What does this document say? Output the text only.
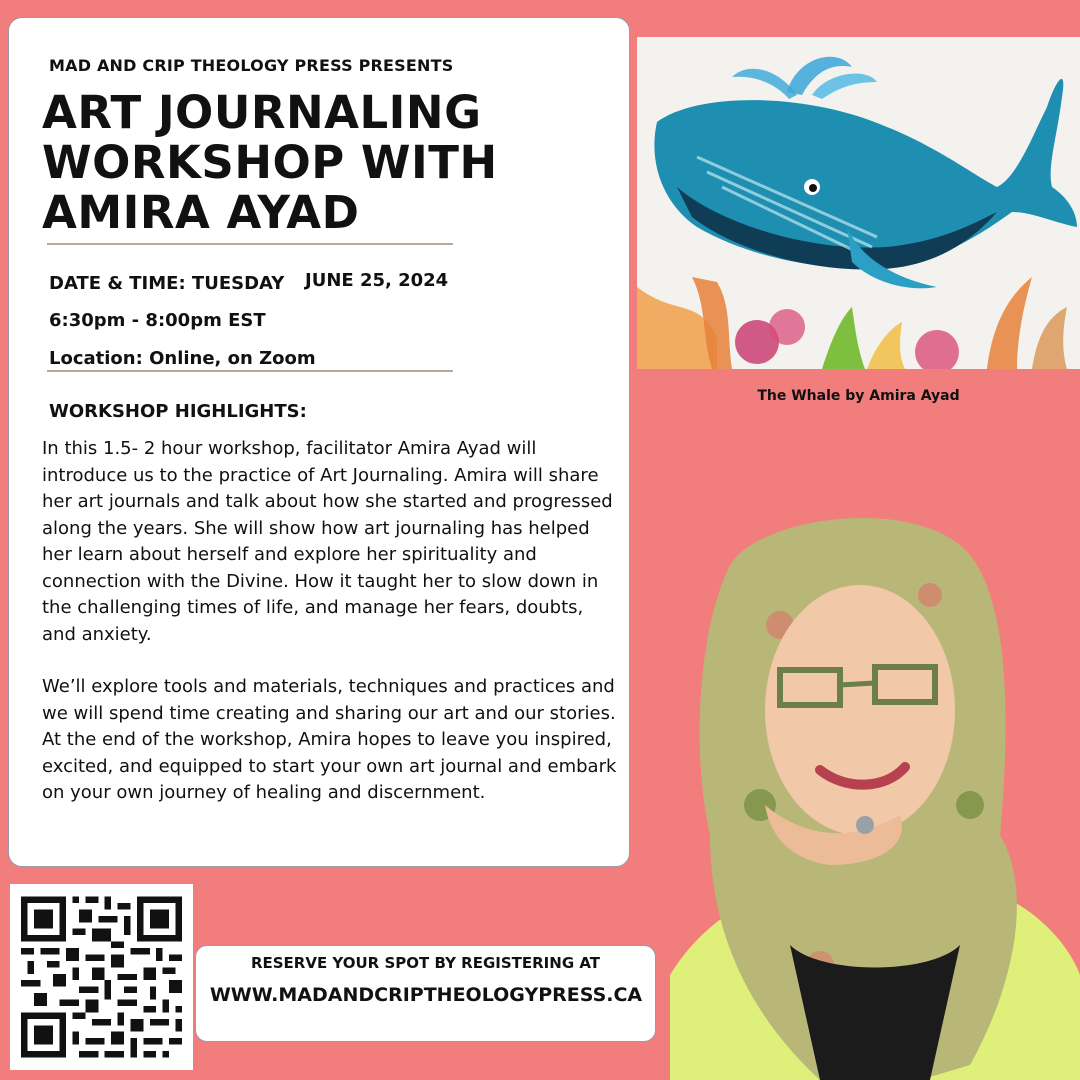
MAD AND CRIP THEOLOGY PRESS PRESENTS
ART JOURNALING
WORKSHOP WITH
AMIRA AYAD
DATE & TIME: TUESDAY JUNE 25, 2024
6:30pm - 8:00pm EST
Location: Online, on Zoom
WORKSHOP HIGHLIGHTS:

In this 1.5- 2 hour workshop, facilitator Amira Ayad will introduce us to the practice of Art Journaling. Amira will share her art journals and talk about how she started and progressed along the years. She will show how art journaling has helped her learn about herself and explore her spirituality and connection with the Divine. How it taught her to slow down in the challenging times of life, and manage her fears, doubts, and anxiety.

We’ll explore tools and materials, techniques and practices and we will spend time creating and sharing our art and our stories. At the end of the workshop, Amira hopes to leave you inspired, excited, and equipped to start your own art journal and embark on your own journey of healing and discernment.

The Whale by Amira Ayad
RESERVE YOUR SPOT BY REGISTERING AT
WWW.MADANDCRIPTHEOLOGYPRESS.CA
